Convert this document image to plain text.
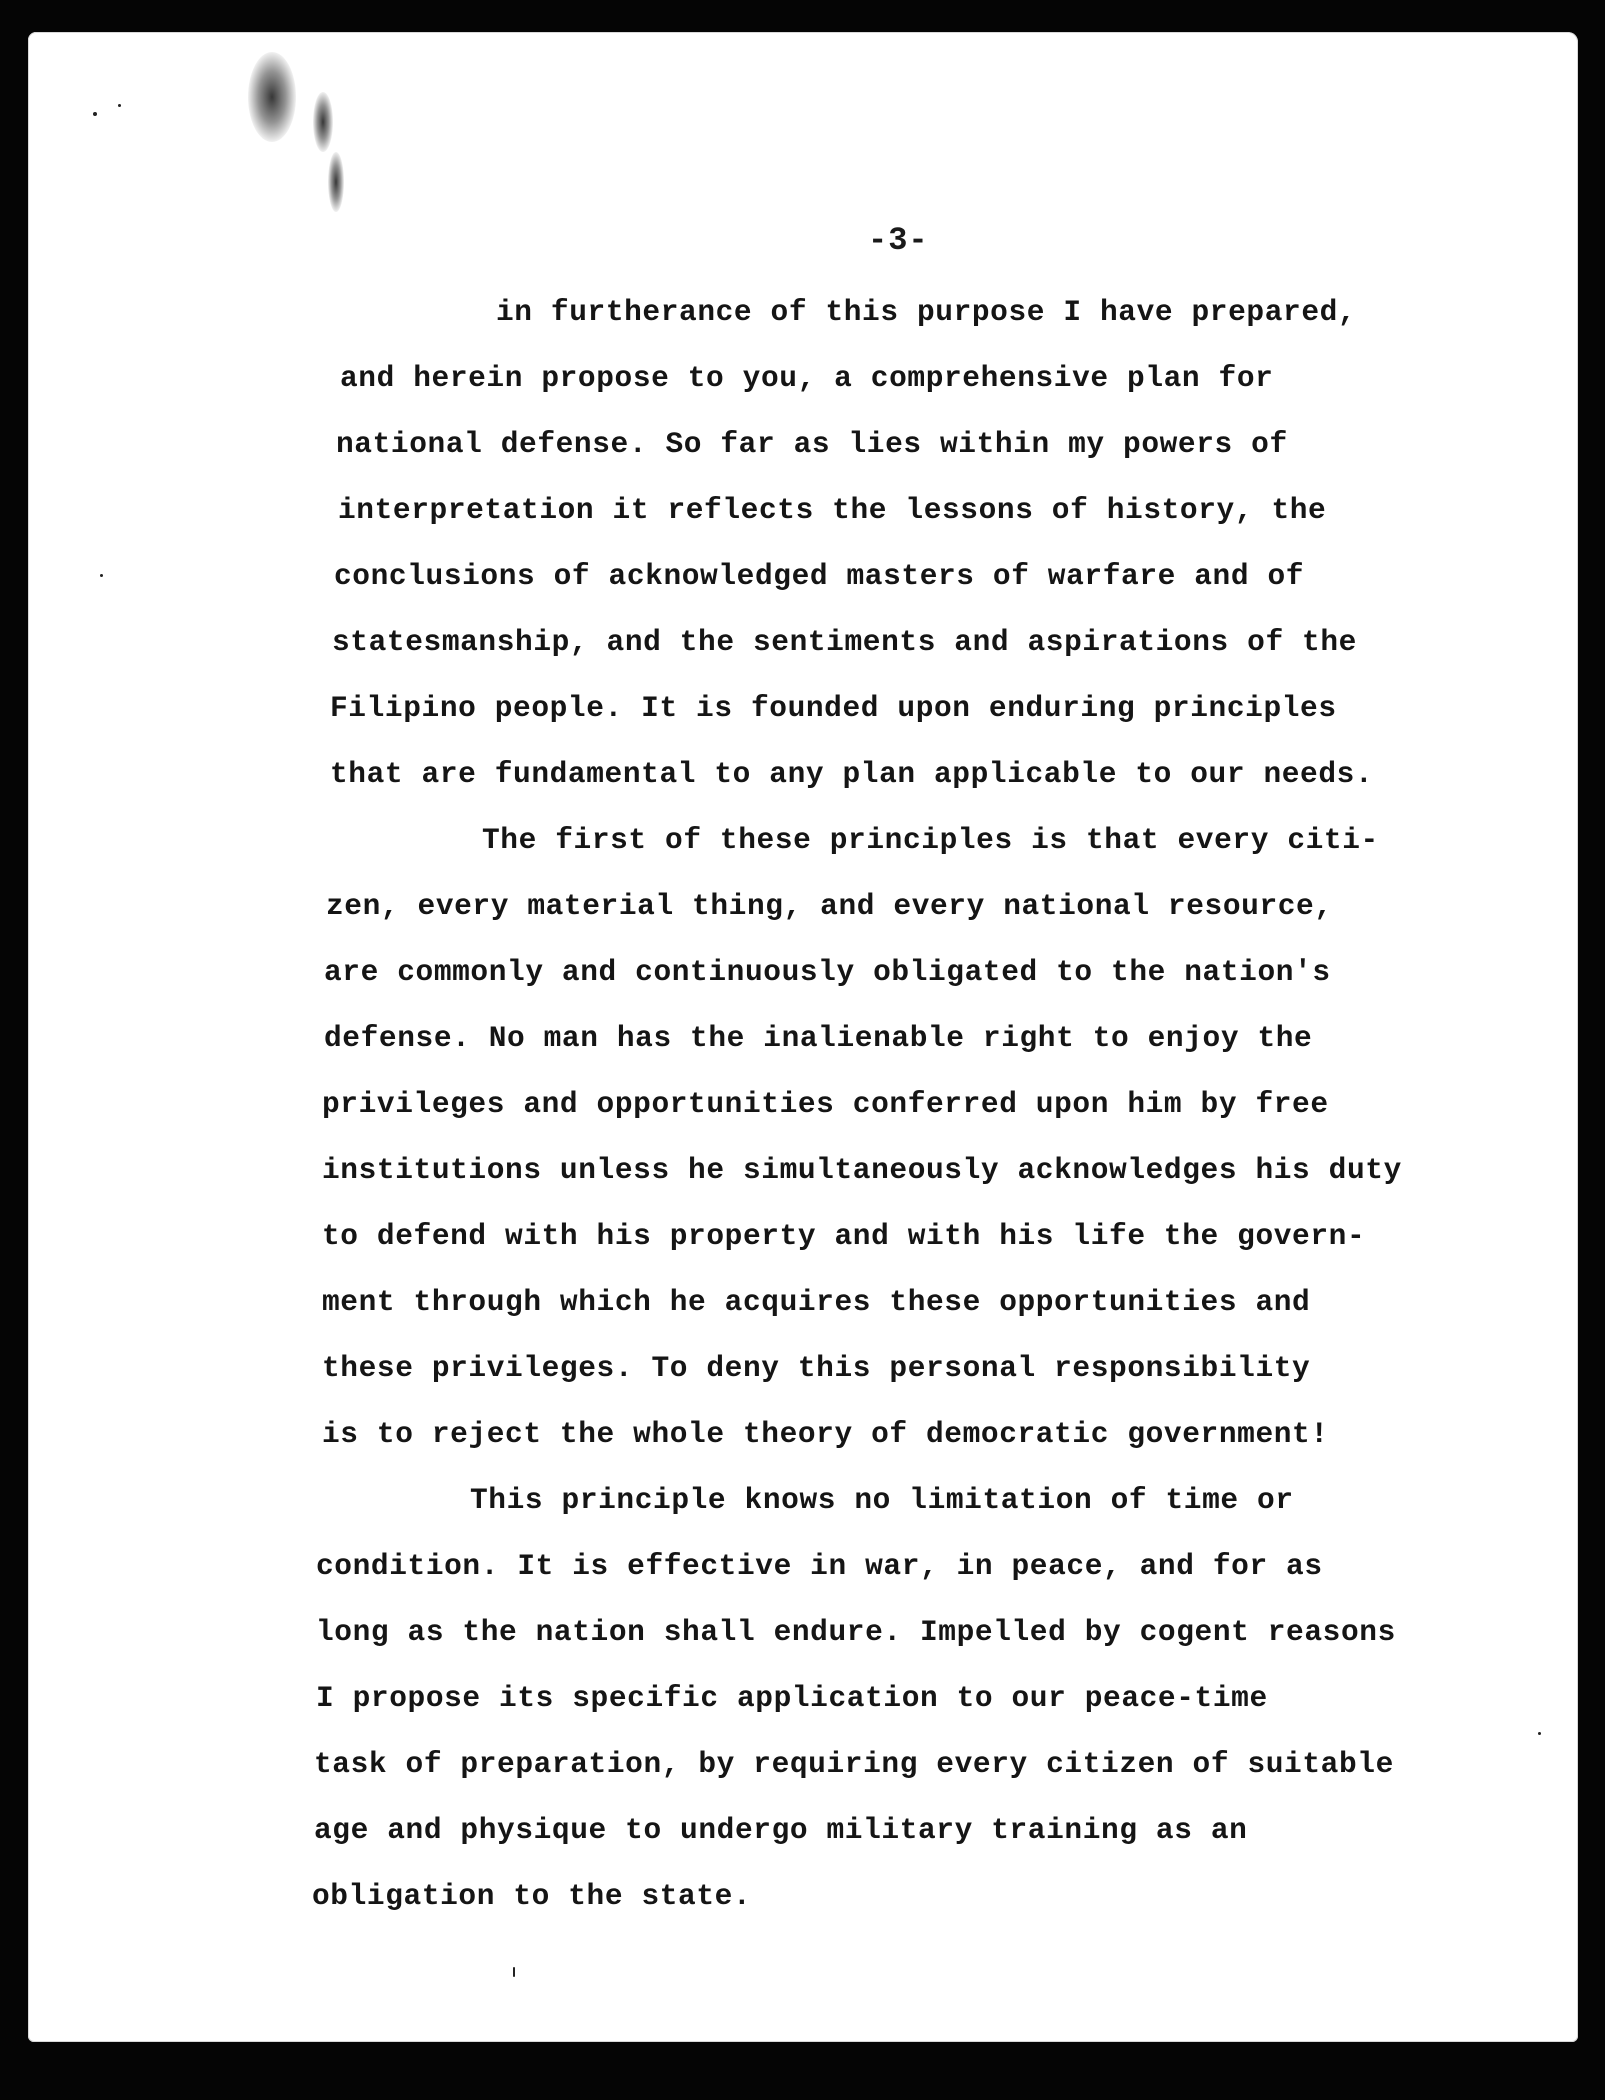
-3-
in furtherance of this purpose I have prepared,
and herein propose to you, a comprehensive plan for
national defense. So far as lies within my powers of
interpretation it reflects the lessons of history, the
conclusions of acknowledged masters of warfare and of
statesmanship, and the sentiments and aspirations of the
Filipino people. It is founded upon enduring principles
that are fundamental to any plan applicable to our needs.
The first of these principles is that every citi-
zen, every material thing, and every national resource,
are commonly and continuously obligated to the nation's
defense. No man has the inalienable right to enjoy the
privileges and opportunities conferred upon him by free
institutions unless he simultaneously acknowledges his duty
to defend with his property and with his life the govern-
ment through which he acquires these opportunities and
these privileges. To deny this personal responsibility
is to reject the whole theory of democratic government!
This principle knows no limitation of time or
condition. It is effective in war, in peace, and for as
long as the nation shall endure. Impelled by cogent reasons
I propose its specific application to our peace-time
task of preparation, by requiring every citizen of suitable
age and physique to undergo military training as an
obligation to the state.
